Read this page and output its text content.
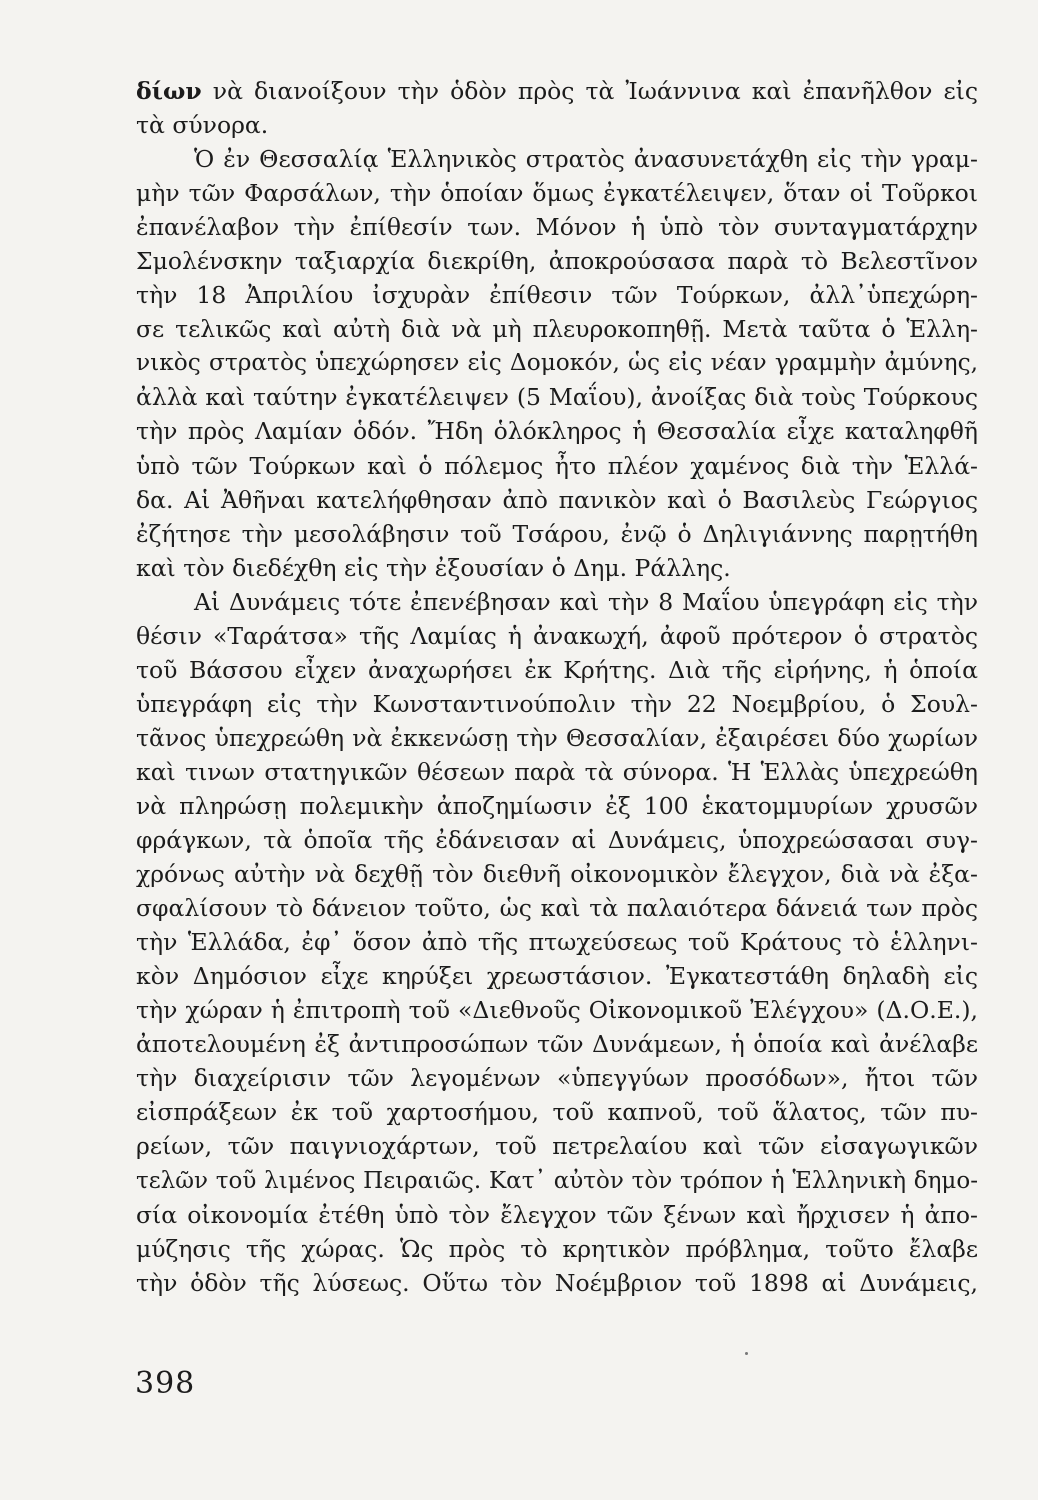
δίων νὰ διανοίξουν τὴν ὁδὸν πρὸς τὰ Ἰωάννινα καὶ ἐπανῆλθον εἰς
τὰ σύνορα.
Ὁ ἐν Θεσσαλίᾳ Ἑλληνικὸς στρατὸς ἀνασυνετάχθη εἰς τὴν γραμ-
μὴν τῶν Φαρσάλων, τὴν ὁποίαν ὅμως ἐγκατέλειψεν, ὅταν οἱ Τοῦρκοι
ἐπανέλαβον τὴν ἐπίθεσίν των. Μόνον ἡ ὑπὸ τὸν συνταγματάρχην
Σμολένσκην ταξιαρχία διεκρίθη, ἀποκρούσασα παρὰ τὸ Βελεστῖνον
τὴν 18 Ἀπριλίου ἰσχυρὰν ἐπίθεσιν τῶν Τούρκων, ἀλλ᾽ὑπεχώρη-
σε τελικῶς καὶ αὐτὴ διὰ νὰ μὴ πλευροκοπηθῇ. Μετὰ ταῦτα ὁ Ἑλλη-
νικὸς στρατὸς ὑπεχώρησεν εἰς Δομοκόν, ὡς εἰς νέαν γραμμὴν ἀμύνης,
ἀλλὰ καὶ ταύτην ἐγκατέλειψεν (5 Μαΐου), ἀνοίξας διὰ τοὺς Τούρκους
τὴν πρὸς Λαμίαν ὁδόν. Ἤδη ὁλόκληρος ἡ Θεσσαλία εἶχε καταληφθῆ
ὑπὸ τῶν Τούρκων καὶ ὁ πόλεμος ἦτο πλέον χαμένος διὰ τὴν Ἑλλά-
δα. Αἱ Ἀθῆναι κατελήφθησαν ἀπὸ πανικὸν καὶ ὁ Βασιλεὺς Γεώργιος
ἐζήτησε τὴν μεσολάβησιν τοῦ Τσάρου, ἐνῷ ὁ Δηλιγιάννης παρῃτήθη
καὶ τὸν διεδέχθη εἰς τὴν ἐξουσίαν ὁ Δημ. Ράλλης.
Αἱ Δυνάμεις τότε ἐπενέβησαν καὶ τὴν 8 Μαΐου ὑπεγράφη εἰς τὴν
θέσιν «Ταράτσα» τῆς Λαμίας ἡ ἀνακωχή, ἀφοῦ πρότερον ὁ στρατὸς
τοῦ Βάσσου εἶχεν ἀναχωρήσει ἐκ Κρήτης. Διὰ τῆς εἰρήνης, ἡ ὁποία
ὑπεγράφη εἰς τὴν Κωνσταντινούπολιν τὴν 22 Νοεμβρίου, ὁ Σουλ-
τᾶνος ὑπεχρεώθη νὰ ἐκκενώσῃ τὴν Θεσσαλίαν, ἐξαιρέσει δύο χωρίων
καὶ τινων στατηγικῶν θέσεων παρὰ τὰ σύνορα. Ἡ Ἑλλὰς ὑπεχρεώθη
νὰ πληρώσῃ πολεμικὴν ἀποζημίωσιν ἐξ 100 ἑκατομμυρίων χρυσῶν
φράγκων, τὰ ὁποῖα τῆς ἐδάνεισαν αἱ Δυνάμεις, ὑποχρεώσασαι συγ-
χρόνως αὐτὴν νὰ δεχθῇ τὸν διεθνῆ οἰκονομικὸν ἔλεγχον, διὰ νὰ ἐξα-
σφαλίσουν τὸ δάνειον τοῦτο, ὡς καὶ τὰ παλαιότερα δάνειά των πρὸς
τὴν Ἑλλάδα, ἐφ᾽ ὅσον ἀπὸ τῆς πτωχεύσεως τοῦ Κράτους τὸ ἑλληνι-
κὸν Δημόσιον εἶχε κηρύξει χρεωστάσιον. Ἐγκατεστάθη δηλαδὴ εἰς
τὴν χώραν ἡ ἐπιτροπὴ τοῦ «Διεθνοῦς Οἰκονομικοῦ Ἐλέγχου» (Δ.Ο.Ε.),
ἀποτελουμένη ἐξ ἀντιπροσώπων τῶν Δυνάμεων, ἡ ὁποία καὶ ἀνέλαβε
τὴν διαχείρισιν τῶν λεγομένων «ὑπεγγύων προσόδων», ἤτοι τῶν
εἰσπράξεων ἐκ τοῦ χαρτοσήμου, τοῦ καπνοῦ, τοῦ ἅλατος, τῶν πυ-
ρείων, τῶν παιγνιοχάρτων, τοῦ πετρελαίου καὶ τῶν εἰσαγωγικῶν
τελῶν τοῦ λιμένος Πειραιῶς. Κατ᾽ αὐτὸν τὸν τρόπον ἡ Ἑλληνικὴ δημο-
σία οἰκονομία ἐτέθη ὑπὸ τὸν ἔλεγχον τῶν ξένων καὶ ἤρχισεν ἡ ἀπο-
μύζησις τῆς χώρας. Ὡς πρὸς τὸ κρητικὸν πρόβλημα, τοῦτο ἔλαβε
τὴν ὁδὸν τῆς λύσεως. Οὕτω τὸν Νοέμβριον τοῦ 1898 αἱ Δυνάμεις,
398
